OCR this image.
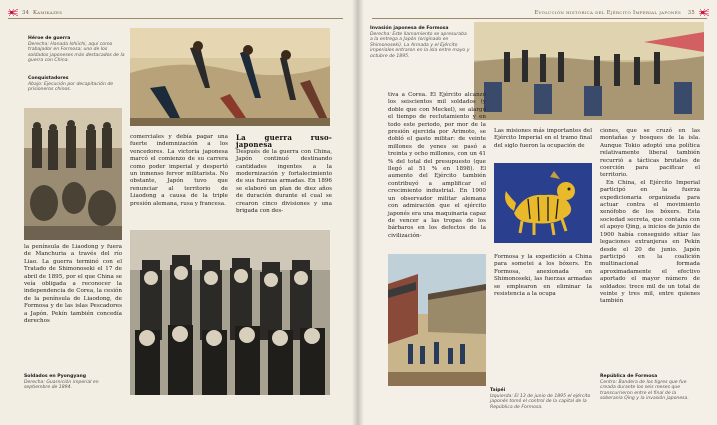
34 Kamikazes
Héroe de guerra
Derecha: Hanada Ishiichi, aquí como trabajador en Formosa; uno de los soldados japoneses más destacados de la guerra con China.
Conquistadores
Abajo: Ejecución por decapitación de prisioneros chinos.

la península de Liaodong y fuera de Manchuria a través del río Liao. La guerra terminó con el Tratado de Shimonoseki el 17 de abril de 1895, por el que China se veía obligada a reconocer la independencia de Corea, la cesión de la península de Liaodong, de Formosa y de las islas Pescadores a Japón. Pekín también concedía derechos

comerciales y debía pagar una fuerte indemnización a los vencedores. La victoria japonesa marcó el comienzo de su carrera como poder imperial y despertó un inmenso fervor militarista. No obstante, Japón tuvo que renunciar al territorio de Liaodong a causa de la triple presión alemana, rusa y francesa.

La guerra ruso-japonesa

Después de la guerra con China, Japón continuó destinando cantidades ingentes a la modernización y fortalecimiento de sus fuerzas armadas. En 1896 se elaboró un plan de diez años de duración durante el cual se crearon cinco divisiones y una brigada con des-

Soldados en Pyongyang
Derecha: Guarnición imperial en septiembre de 1894.
Evolución histórica del Ejército Imperial japonés 35
Invasión japonesa de Formosa
Derecha: Este llamamiento se apresuraba a la entrega a Japón (originado en Shimonoseki). La Armada y el Ejército imperiales entraron en la isla entre mayo y octubre de 1895.

tiva a Corea. El Ejército alcanzó los seiscientos mil soldados (y doble que con Meckel), se alargó el tiempo de reclutamiento y en todo este periodo, por mor de la presión ejercida por Arimoto, se dobló el gasto militar: de veinte millones de yenes se pasó a treinta y ocho millones, con un 41 % del total del presupuesto (que llegó al 51 % en 1898). El aumento del Ejército también contribuyó a amplificar el crecimiento industrial. En 1900 un observador militar alemana con admiración que el ejército japonés era una maquinaria capaz de vencer a las tropas de los bárbaros en los defectos de la civilización-

Las misiones más importantes del Ejército Imperial en el tramo final del siglo fueron la ocupación de

Taipéi
Izquierda: El 13 de junio de 1895 el ejército japonés tomó el control de la capital de la República de Formosa.

Formosa y la expedición a China para sometei a los bóxers. En Formosa, anexionada en Shimonoseki, las fuerzas armadas se emplearon en eliminar la resistencia a la ocupa

ciones, que se cruzó en las montañas y bosques de la isla. Aunque Tokio adoptó una política relativamente liberal también recurrió a tácticas brutales de coerción para pacificar el territorio.

En China, el Ejército Imperial participó en la fuerza expedicionaria organizada para actuar contra el movimiento xenófobo de los bóxers. Esta sociedad secreta, que contaba con el apoyo Qing, a inicios de junio de 1900 había conseguido sitiar las legaciones extranjeras en Pekín desde el 20 de junio. Japón participó en la coalición multinacional formada aproximadamente el efectivo aportado el mayor número de soldados: trece mil de un total de veinte y tres mil, entre quienes también

República de Formosa
Centro: Bandera de los tigres que fue creada durante los seis meses que transcurrieron entre el final de la soberanía Qing y la invasión japonesa.
